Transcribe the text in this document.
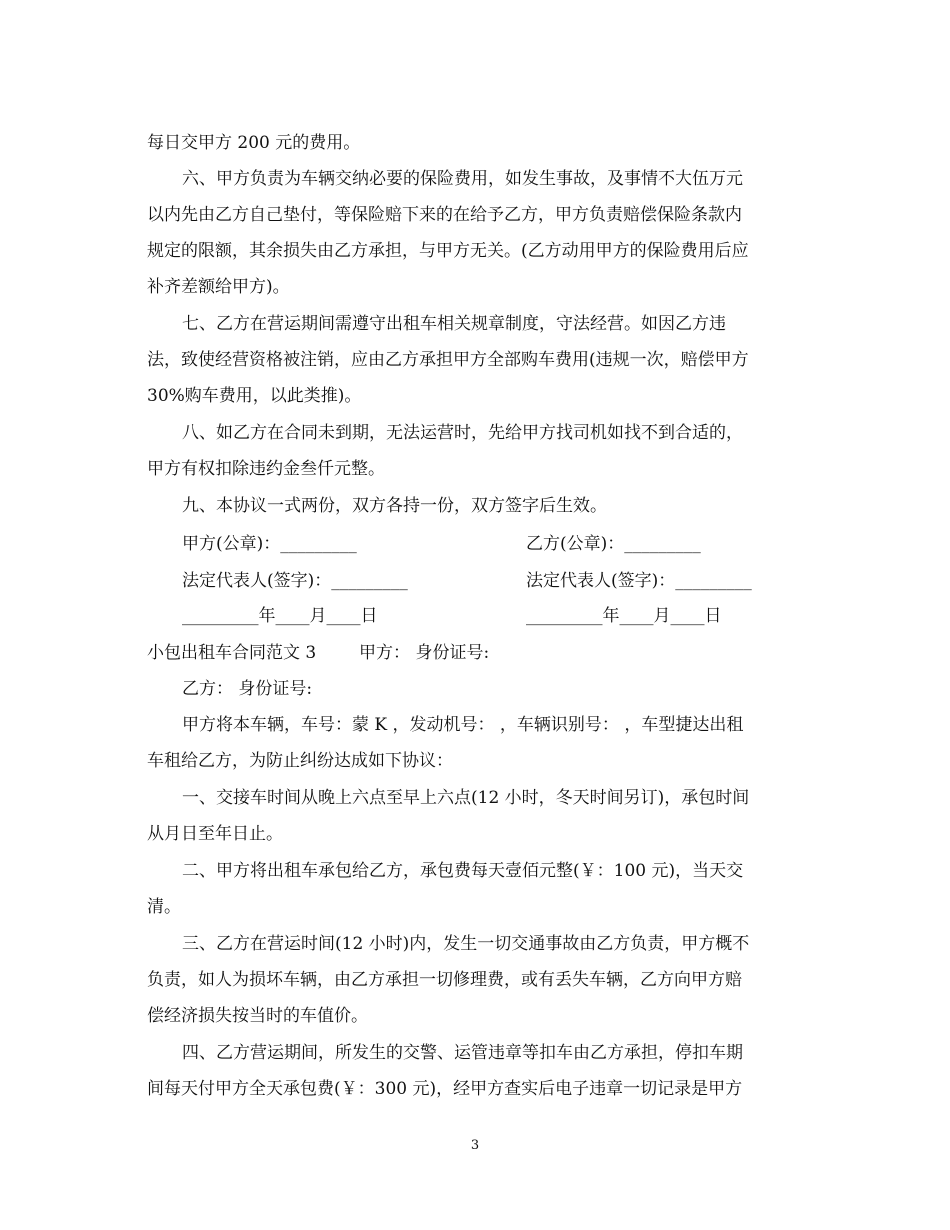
每日交甲方 200 元的费用。
六、甲方负责为车辆交纳必要的保险费用，如发生事故，及事情不大伍万元
以内先由乙方自己垫付，等保险赔下来的在给予乙方，甲方负责赔偿保险条款内
规定的限额，其余损失由乙方承担，与甲方无关。(乙方动用甲方的保险费用后应
补齐差额给甲方)。
七、乙方在营运期间需遵守出租车相关规章制度，守法经营。如因乙方违
法，致使经营资格被注销，应由乙方承担甲方全部购车费用(违规一次，赔偿甲方
30%购车费用，以此类推)。
八、如乙方在合同未到期，无法运营时，先给甲方找司机如找不到合适的，
甲方有权扣除违约金叁仟元整。
九、本协议一式两份，双方各持一份，双方签字后生效。
甲方(公章)：_________	乙方(公章)：_________
法定代表人(签字)：_________	法定代表人(签字)：_________
_________年____月____日	_________年____月____日
小包出租车合同范文 3	甲方： 身份证号:
乙方： 身份证号:
甲方将本车辆，车号：蒙 K ，发动机号： ，车辆识别号： ，车型捷达出租
车租给乙方，为防止纠纷达成如下协议：
一、交接车时间从晚上六点至早上六点(12 小时，冬天时间另订)，承包时间
从月日至年日止。
二、甲方将出租车承包给乙方，承包费每天壹佰元整(￥：100 元)，当天交
清。
三、乙方在营运时间(12 小时)内，发生一切交通事故由乙方负责，甲方概不
负责，如人为损坏车辆，由乙方承担一切修理费，或有丢失车辆，乙方向甲方赔
偿经济损失按当时的车值价。
四、乙方营运期间，所发生的交警、运管违章等扣车由乙方承担，停扣车期
间每天付甲方全天承包费(￥：300 元)，经甲方查实后电子违章一切记录是甲方
3
